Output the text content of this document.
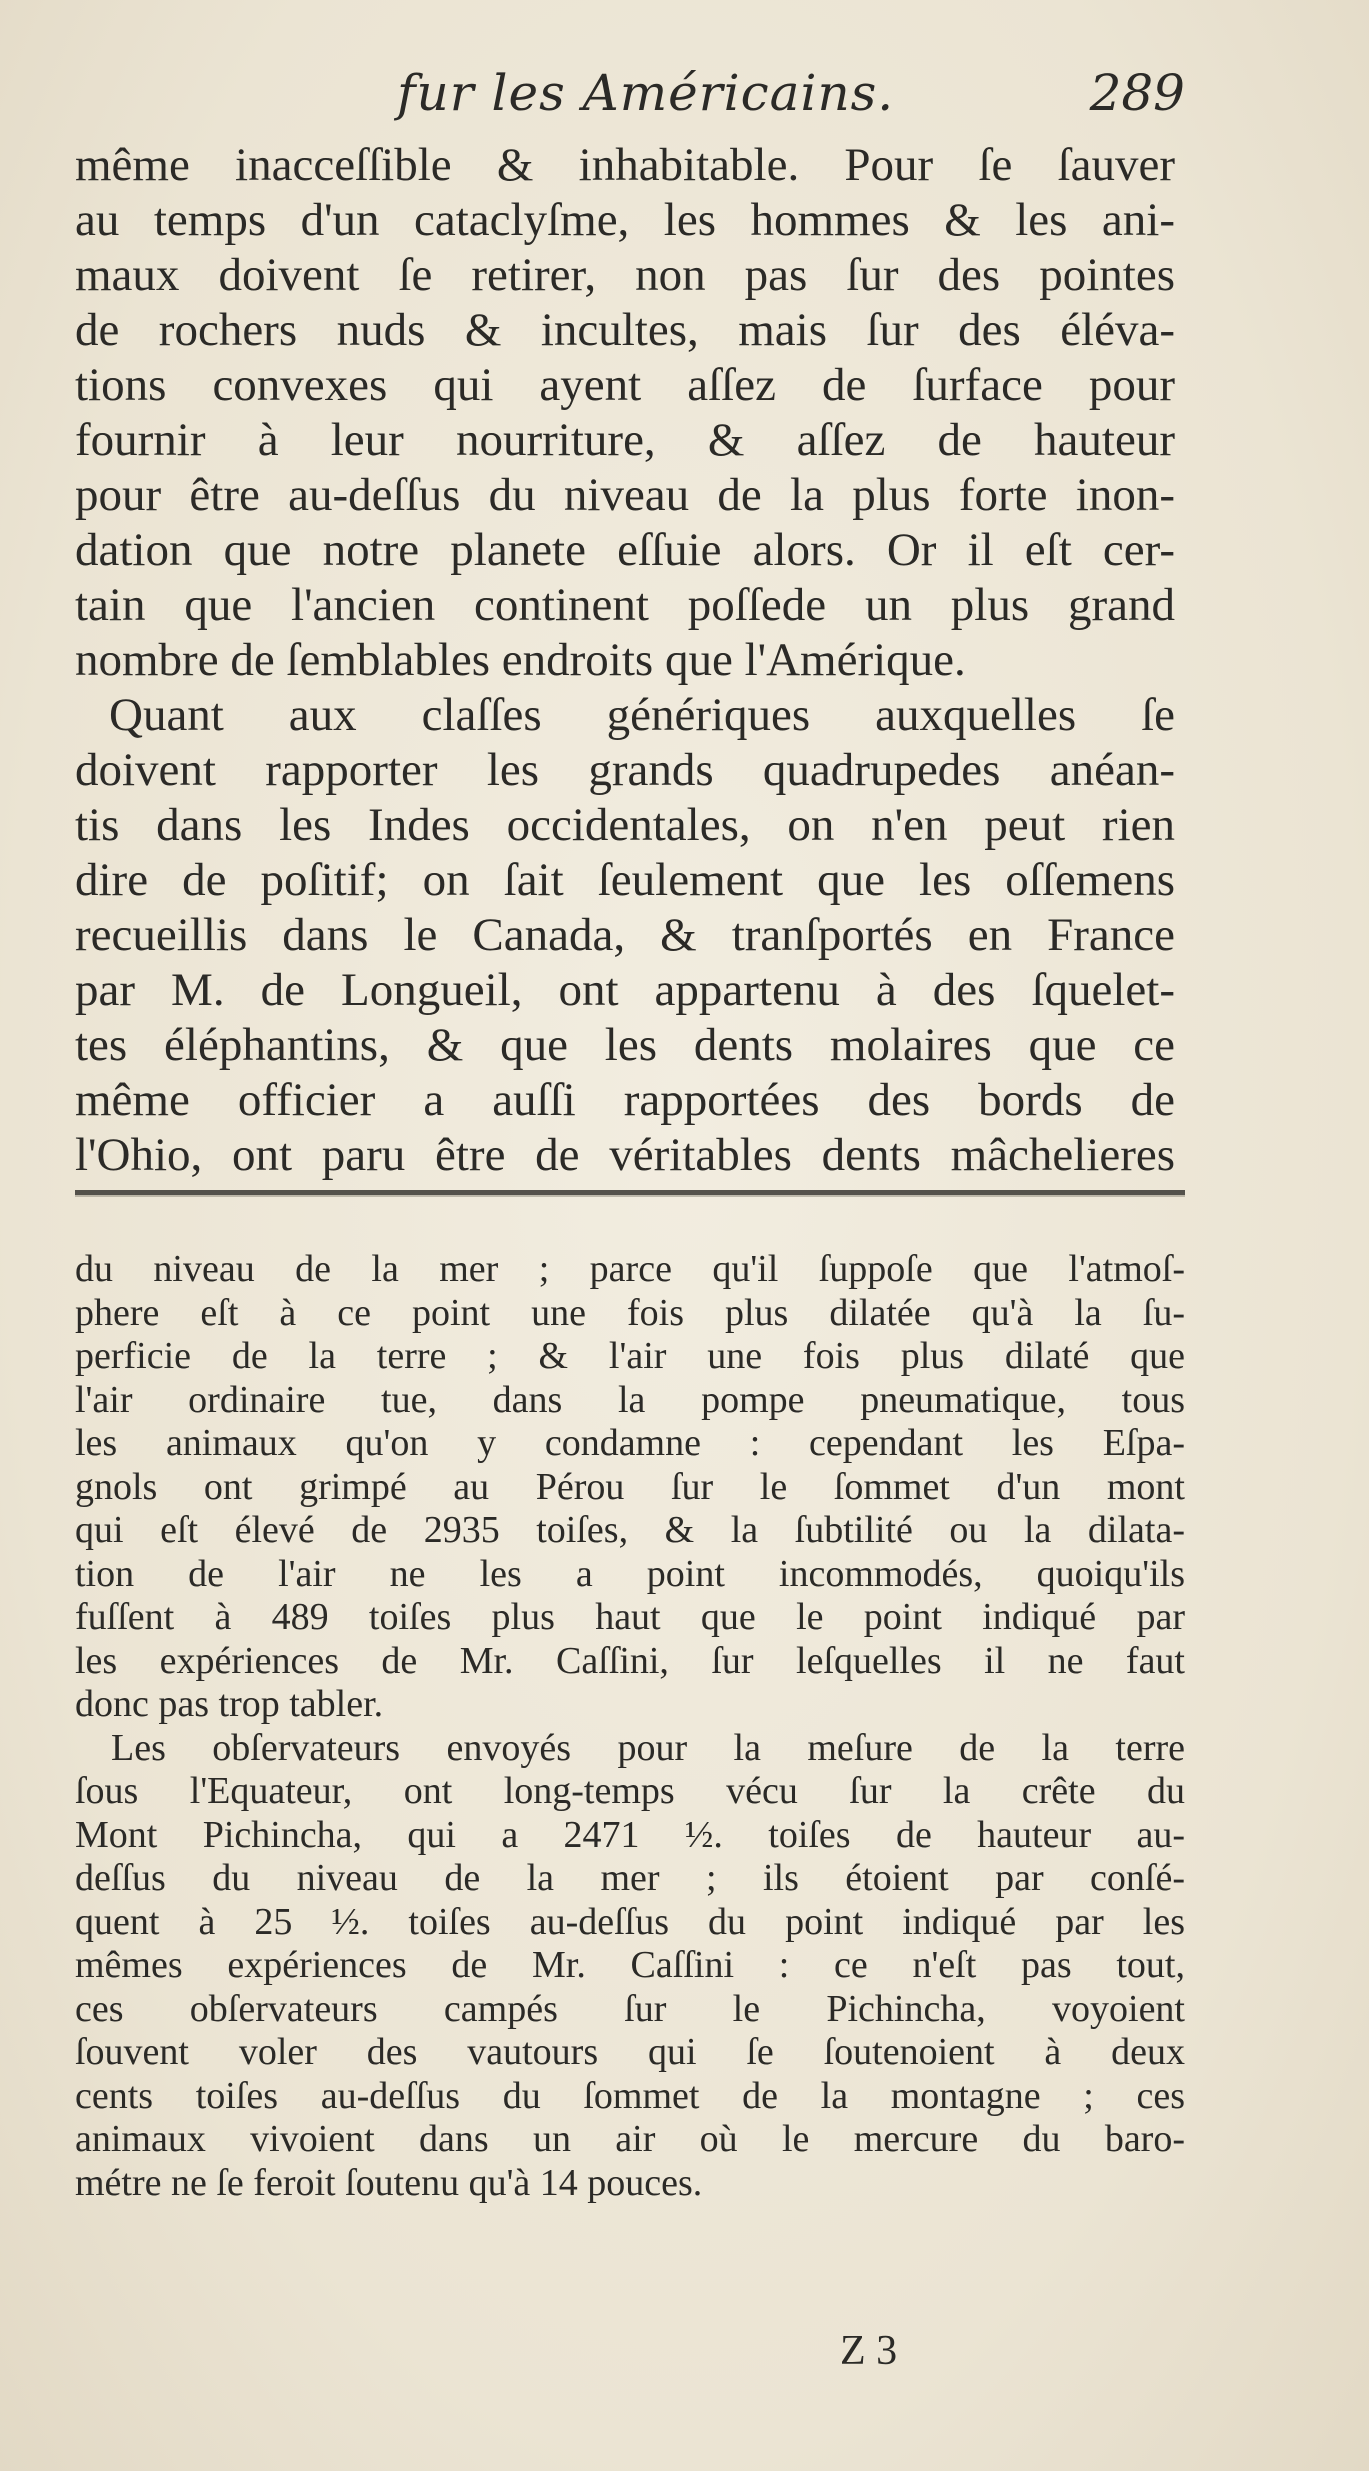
fur les Américains.	289
même inacceſſible & inhabitable. Pour ſe ſauver
au temps d'un cataclyſme, les hommes & les ani-
maux doivent ſe retirer, non pas ſur des pointes
de rochers nuds & incultes, mais ſur des éléva-
tions convexes qui ayent aſſez de ſurface pour
fournir à leur nourriture, & aſſez de hauteur
pour être au-deſſus du niveau de la plus forte inon-
dation que notre planete eſſuie alors. Or il eſt cer-
tain que l'ancien continent poſſede un plus grand
nombre de ſemblables endroits que l'Amérique.
Quant aux claſſes génériques auxquelles ſe
doivent rapporter les grands quadrupedes anéan-
tis dans les Indes occidentales, on n'en peut rien
dire de poſitif; on ſait ſeulement que les oſſemens
recueillis dans le Canada, & tranſportés en France
par M. de Longueil, ont appartenu à des ſquelet-
tes éléphantins, & que les dents molaires que ce
même officier a auſſi rapportées des bords de
l'Ohio, ont paru être de véritables dents mâchelieres
du niveau de la mer ; parce qu'il ſuppoſe que l'atmoſ-
phere eſt à ce point une fois plus dilatée qu'à la ſu-
perficie de la terre ; & l'air une fois plus dilaté que
l'air ordinaire tue, dans la pompe pneumatique, tous
les animaux qu'on y condamne : cependant les Eſpa-
gnols ont grimpé au Pérou ſur le ſommet d'un mont
qui eſt élevé de 2935 toiſes, & la ſubtilité ou la dilata-
tion de l'air ne les a point incommodés, quoiqu'ils
fuſſent à 489 toiſes plus haut que le point indiqué par
les expériences de Mr. Caſſini, ſur leſquelles il ne faut
donc pas trop tabler.
Les obſervateurs envoyés pour la meſure de la terre
ſous l'Equateur, ont long-temps vécu ſur la crête du
Mont Pichincha, qui a 2471 ½. toiſes de hauteur au-
deſſus du niveau de la mer ; ils étoient par conſé-
quent à 25 ½. toiſes au-deſſus du point indiqué par les
mêmes expériences de Mr. Caſſini : ce n'eſt pas tout,
ces obſervateurs campés ſur le Pichincha, voyoient
ſouvent voler des vautours qui ſe ſoutenoient à deux
cents toiſes au-deſſus du ſommet de la montagne ; ces
animaux vivoient dans un air où le mercure du baro-
métre ne ſe feroit ſoutenu qu'à 14 pouces.
Z 3
